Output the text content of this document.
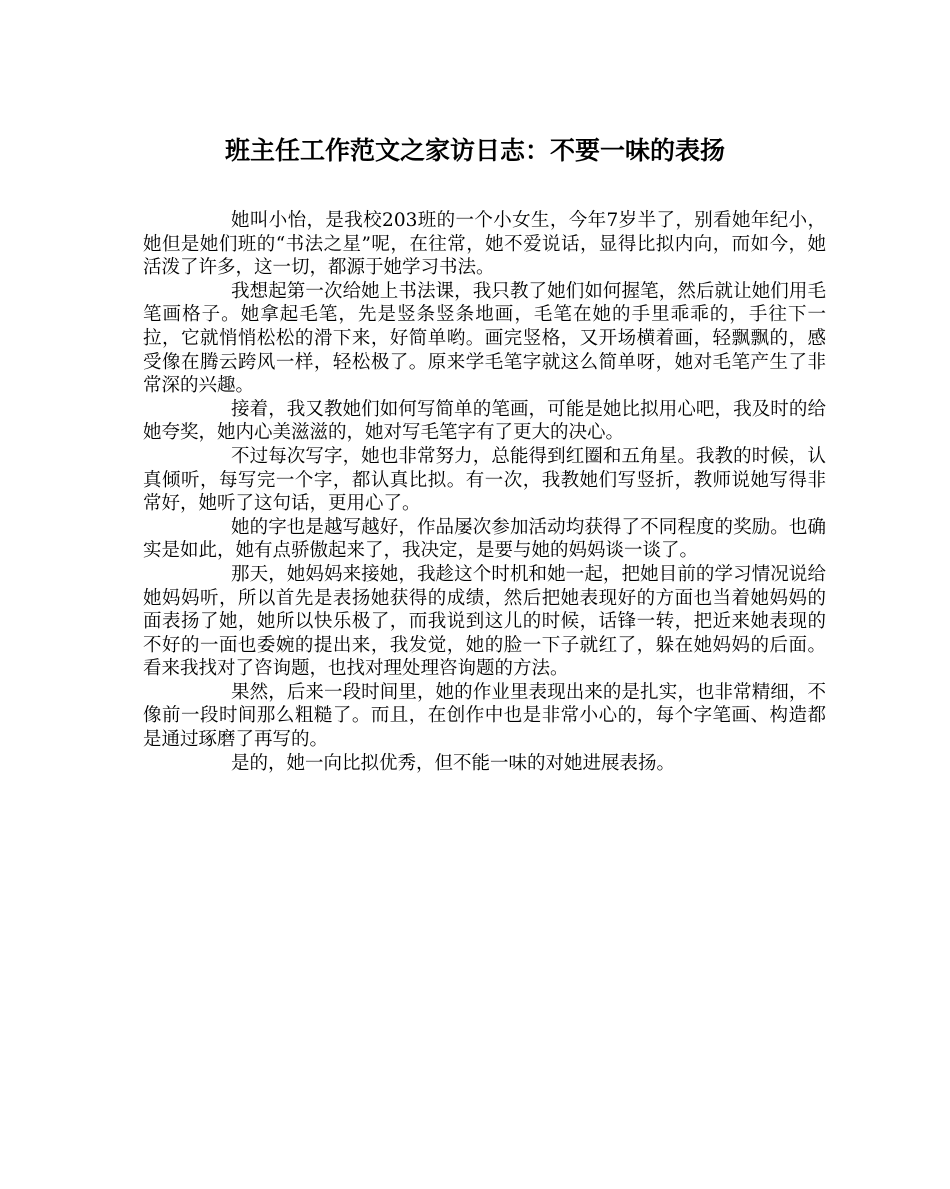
班主任工作范文之家访日志：不要一味的表扬

她叫小怡，是我校203班的一个小女生，今年7岁半了，别看她年纪小，她但是她们班的“书法之星”呢，在往常，她不爱说话，显得比拟内向，而如今，她活泼了许多，这一切，都源于她学习书法。

我想起第一次给她上书法课，我只教了她们如何握笔，然后就让她们用毛笔画格子。她拿起毛笔，先是竖条竖条地画，毛笔在她的手里乖乖的，手往下一拉，它就悄悄松松的滑下来，好简单哟。画完竖格，又开场横着画，轻飘飘的，感受像在腾云跨风一样，轻松极了。原来学毛笔字就这么简单呀，她对毛笔产生了非常深的兴趣。

接着，我又教她们如何写简单的笔画，可能是她比拟用心吧，我及时的给她夸奖，她内心美滋滋的，她对写毛笔字有了更大的决心。

不过每次写字，她也非常努力，总能得到红圈和五角星。我教的时候，认真倾听，每写完一个字，都认真比拟。有一次，我教她们写竖折，教师说她写得非常好，她听了这句话，更用心了。

她的字也是越写越好，作品屡次参加活动均获得了不同程度的奖励。也确实是如此，她有点骄傲起来了，我决定，是要与她的妈妈谈一谈了。

那天，她妈妈来接她，我趁这个时机和她一起，把她目前的学习情况说给她妈妈听，所以首先是表扬她获得的成绩，然后把她表现好的方面也当着她妈妈的面表扬了她，她所以快乐极了，而我说到这儿的时候，话锋一转，把近来她表现的不好的一面也委婉的提出来，我发觉，她的脸一下子就红了，躲在她妈妈的后面。看来我找对了咨询题，也找对理处理咨询题的方法。

果然，后来一段时间里，她的作业里表现出来的是扎实，也非常精细，不像前一段时间那么粗糙了。而且，在创作中也是非常小心的，每个字笔画、构造都是通过琢磨了再写的。

是的，她一向比拟优秀，但不能一味的对她进展表扬。
